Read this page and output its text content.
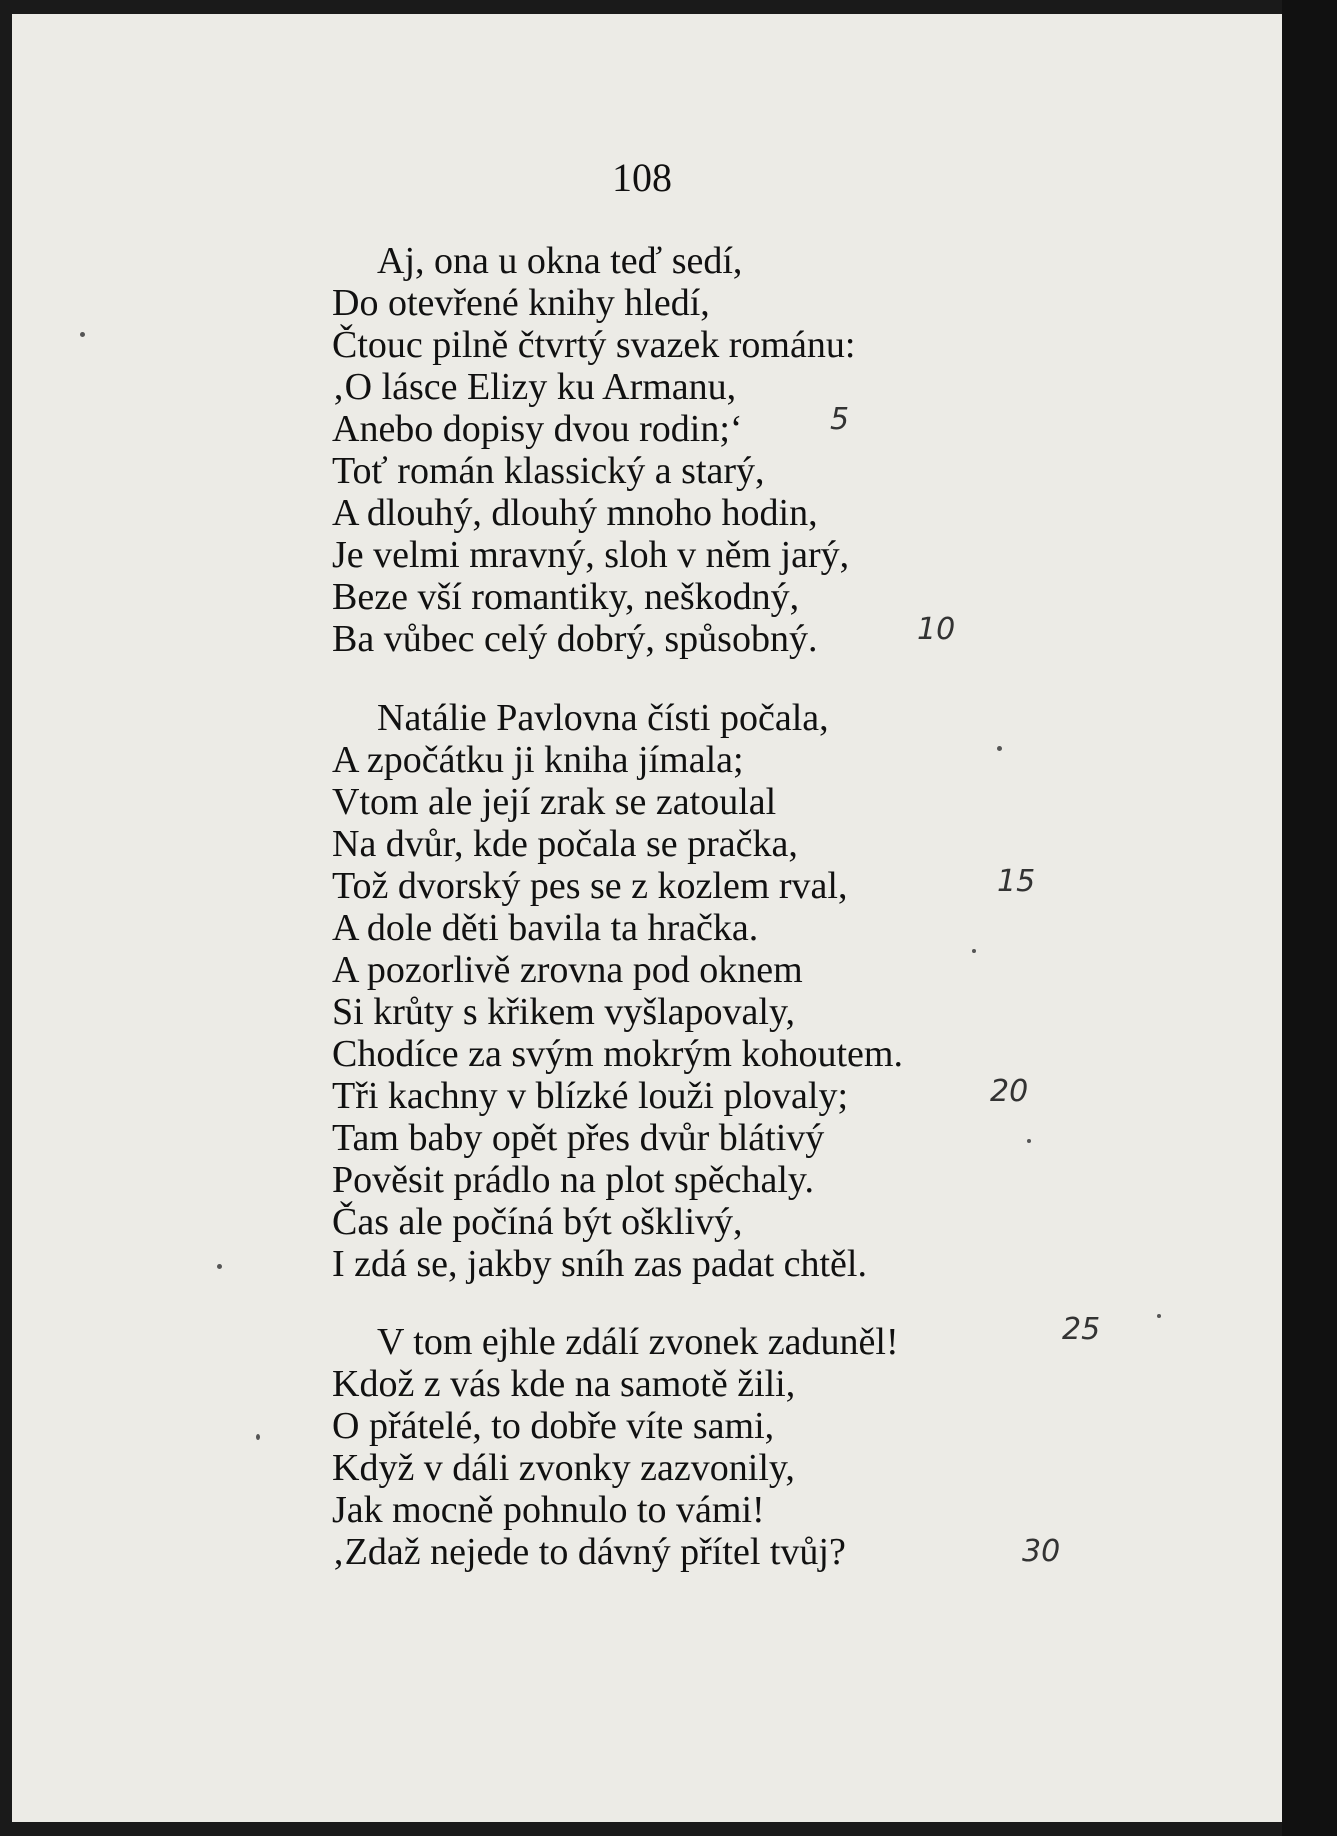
108
Aj, ona u okna teď sedí,
Do otevřené knihy hledí,
Čtouc pilně čtvrtý svazek románu:
‚O lásce Elizy ku Armanu,
Anebo dopisy dvou rodin;‘
Toť román klassický a starý,
A dlouhý, dlouhý mnoho hodin,
Je velmi mravný, sloh v něm jarý,
Beze vší romantiky, neškodný,
Ba vůbec celý dobrý, spůsobný.
Natálie Pavlovna čísti počala,
A zpočátku ji kniha jímala;
Vtom ale její zrak se zatoulal
Na dvůr, kde počala se pračka,
Tož dvorský pes se z kozlem rval,
A dole děti bavila ta hračka.
A pozorlivě zrovna pod oknem
Si krůty s křikem vyšlapovaly,
Chodíce za svým mokrým kohoutem.
Tři kachny v blízké louži plovaly;
Tam baby opět přes dvůr blátivý
Pověsit prádlo na plot spěchaly.
Čas ale počíná být ošklivý,
I zdá se, jakby sníh zas padat chtěl.
V tom ejhle zdálí zvonek zaduněl!
Kdož z vás kde na samotě žili,
O přátelé, to dobře víte sami,
Když v dáli zvonky zazvonily,
Jak mocně pohnulo to vámi!
‚Zdaž nejede to dávný přítel tvůj?
5
10
15
20
25
30
